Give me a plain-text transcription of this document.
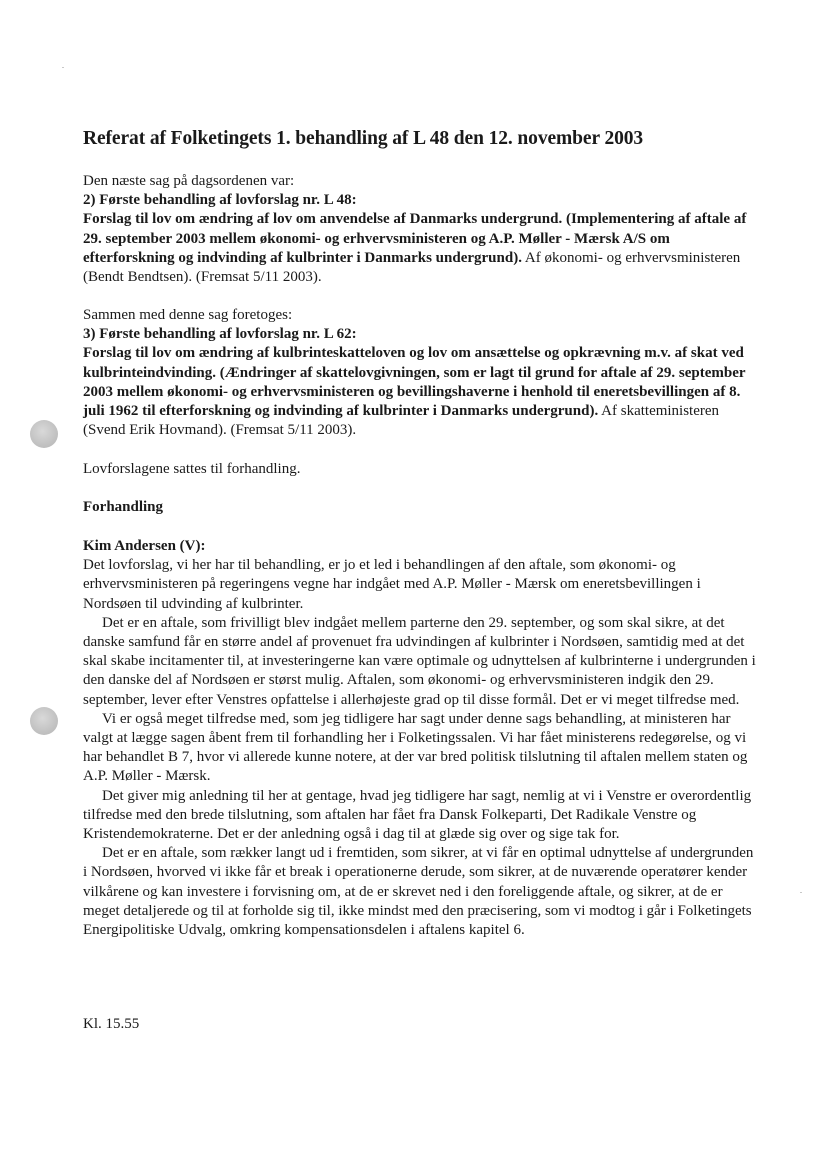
Referat af Folketingets 1. behandling af L 48 den 12. november 2003

Den næste sag på dagsordenen var:

2) Første behandling af lovforslag nr. L 48:

Forslag til lov om ændring af lov om anvendelse af Danmarks undergrund. (Implementering af aftale af 29. september 2003 mellem økonomi- og erhvervsministeren og A.P. Møller - Mærsk A/S om efterforskning og indvinding af kulbrinter i Danmarks undergrund). Af økonomi- og erhvervsministeren (Bendt Bendtsen). (Fremsat 5/11 2003).

Sammen med denne sag foretoges:

3) Første behandling af lovforslag nr. L 62:

Forslag til lov om ændring af kulbrinteskatteloven og lov om ansættelse og opkrævning m.v. af skat ved kulbrinteindvinding. (Ændringer af skattelovgivningen, som er lagt til grund for aftale af 29. september 2003 mellem økonomi- og erhvervsministeren og bevillingshaverne i henhold til eneretsbevillingen af 8. juli 1962 til efterforskning og indvinding af kulbrinter i Danmarks undergrund). Af skatteministeren (Svend Erik Hovmand). (Fremsat 5/11 2003).

Lovforslagene sattes til forhandling.

Forhandling

Kim Andersen (V):

Det lovforslag, vi her har til behandling, er jo et led i behandlingen af den aftale, som økonomi- og erhvervsministeren på regeringens vegne har indgået med A.P. Møller - Mærsk om eneretsbevillingen i Nordsøen til udvinding af kulbrinter.

Det er en aftale, som frivilligt blev indgået mellem parterne den 29. september, og som skal sikre, at det danske samfund får en større andel af provenuet fra udvindingen af kulbrinter i Nordsøen, samtidig med at det skal skabe incitamenter til, at investeringerne kan være optimale og udnyttelsen af kulbrinterne i undergrunden i den danske del af Nordsøen er størst mulig. Aftalen, som økonomi- og erhvervsministeren indgik den 29. september, lever efter Venstres opfattelse i allerhøjeste grad op til disse formål. Det er vi meget tilfredse med.

Vi er også meget tilfredse med, som jeg tidligere har sagt under denne sags behandling, at ministeren har valgt at lægge sagen åbent frem til forhandling her i Folketingssalen. Vi har fået ministerens redegørelse, og vi har behandlet B 7, hvor vi allerede kunne notere, at der var bred politisk tilslutning til aftalen mellem staten og A.P. Møller - Mærsk.

Det giver mig anledning til her at gentage, hvad jeg tidligere har sagt, nemlig at vi i Venstre er overordentlig tilfredse med den brede tilslutning, som aftalen har fået fra Dansk Folkeparti, Det Radikale Venstre og Kristendemokraterne. Det er der anledning også i dag til at glæde sig over og sige tak for.

Det er en aftale, som rækker langt ud i fremtiden, som sikrer, at vi får en optimal udnyttelse af undergrunden i Nordsøen, hvorved vi ikke får et break i operationerne derude, som sikrer, at de nuværende operatører kender vilkårene og kan investere i forvisning om, at de er skrevet ned i den foreliggende aftale, og sikrer, at de er meget detaljerede og til at forholde sig til, ikke mindst med den præcisering, som vi modtog i går i Folketingets Energipolitiske Udvalg, omkring kompensationsdelen i aftalens kapitel 6.

Kl. 15.55
